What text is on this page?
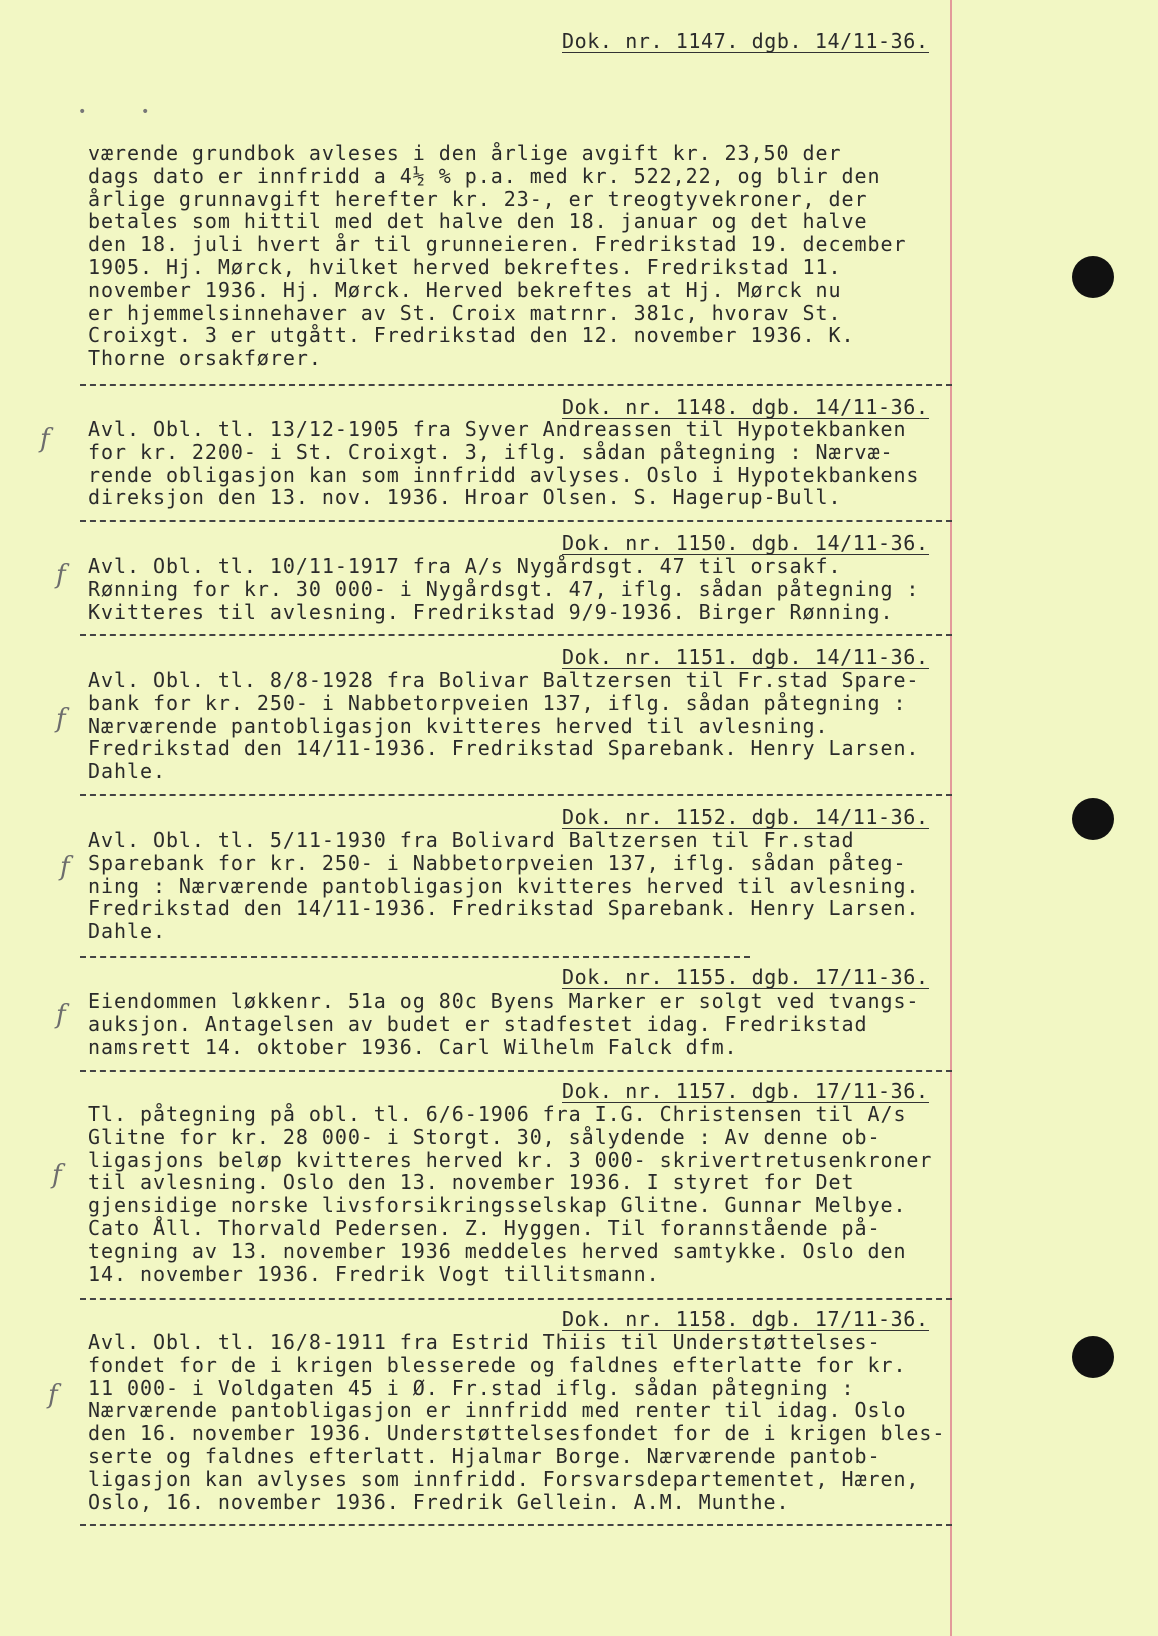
•	•
Dok. nr. 1147. dgb. 14/11-36.
værende grundbok avleses i den årlige avgift kr. 23,50 der
dags dato er innfridd a 4½ % p.a. med kr. 522,22, og blir den
årlige grunnavgift herefter kr. 23-, er treogtyvekroner, der
betales som hittil med det halve den 18. januar og det halve
den 18. juli hvert år til grunneieren. Fredrikstad 19. december
1905. Hj. Mørck, hvilket herved bekreftes. Fredrikstad 11.
november 1936. Hj. Mørck. Herved bekreftes at Hj. Mørck nu
er hjemmelsinnehaver av St. Croix matrnr. 381c, hvorav St.
Croixgt. 3 er utgått. Fredrikstad den 12. november 1936. K.
Thorne orsakfører.
Dok. nr. 1148. dgb. 14/11-36.
f Avl. Obl. tl. 13/12-1905 fra Syver Andreassen til Hypotekbanken
for kr. 2200- i St. Croixgt. 3, iflg. sådan påtegning : Nærvæ-
rende obligasjon kan som innfridd avlyses. Oslo i Hypotekbankens
direksjon den 13. nov. 1936. Hroar Olsen. S. Hagerup-Bull.
Dok. nr. 1150. dgb. 14/11-36.
f Avl. Obl. tl. 10/11-1917 fra A/s Nygårdsgt. 47 til orsakf.
Rønning for kr. 30 000- i Nygårdsgt. 47, iflg. sådan påtegning :
Kvitteres til avlesning. Fredrikstad 9/9-1936. Birger Rønning.
Dok. nr. 1151. dgb. 14/11-36.
f
Avl. Obl. tl. 8/8-1928 fra Bolivar Baltzersen til Fr.stad Spare-
bank for kr. 250- i Nabbetorpveien 137, iflg. sådan påtegning :
Nærværende pantobligasjon kvitteres herved til avlesning.
Fredrikstad den 14/11-1936. Fredrikstad Sparebank. Henry Larsen.
Dahle.
Dok. nr. 1152. dgb. 14/11-36.
f
Avl. Obl. tl. 5/11-1930 fra Bolivard Baltzersen til Fr.stad
Sparebank for kr. 250- i Nabbetorpveien 137, iflg. sådan påteg-
ning : Nærværende pantobligasjon kvitteres herved til avlesning.
Fredrikstad den 14/11-1936. Fredrikstad Sparebank. Henry Larsen.
Dahle.
Dok. nr. 1155. dgb. 17/11-36.
f Eiendommen løkkenr. 51a og 80c Byens Marker er solgt ved tvangs-
auksjon. Antagelsen av budet er stadfestet idag. Fredrikstad
namsrett 14. oktober 1936. Carl Wilhelm Falck dfm.
Dok. nr. 1157. dgb. 17/11-36.
f
Tl. påtegning på obl. tl. 6/6-1906 fra I.G. Christensen til A/s
Glitne for kr. 28 000- i Storgt. 30, sålydende : Av denne ob-
ligasjons beløp kvitteres herved kr. 3 000- skrivertretusenkroner
til avlesning. Oslo den 13. november 1936. I styret for Det
gjensidige norske livsforsikringsselskap Glitne. Gunnar Melbye.
Cato Åll. Thorvald Pedersen. Z. Hyggen. Til forannstående på-
tegning av 13. november 1936 meddeles herved samtykke. Oslo den
14. november 1936. Fredrik Vogt tillitsmann.
Dok. nr. 1158. dgb. 17/11-36.
f
Avl. Obl. tl. 16/8-1911 fra Estrid Thiis til Understøttelses-
fondet for de i krigen blesserede og faldnes efterlatte for kr.
11 000- i Voldgaten 45 i Ø. Fr.stad iflg. sådan påtegning :
Nærværende pantobligasjon er innfridd med renter til idag. Oslo
den 16. november 1936. Understøttelsesfondet for de i krigen bles-
serte og faldnes efterlatt. Hjalmar Borge. Nærværende pantob-
ligasjon kan avlyses som innfridd. Forsvarsdepartementet, Hæren,
Oslo, 16. november 1936. Fredrik Gellein. A.M. Munthe.
